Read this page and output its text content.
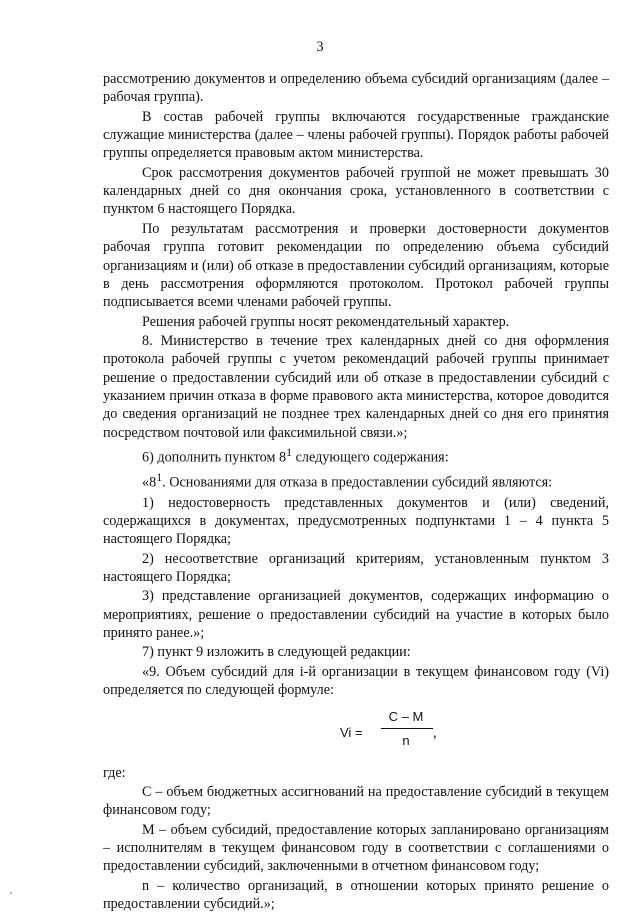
3

рассмотрению документов и определению объема субсидий организациям (далее – рабочая группа).

В состав рабочей группы включаются государственные гражданские служащие министерства (далее – члены рабочей группы). Порядок работы рабочей группы определяется правовым актом министерства.

Срок рассмотрения документов рабочей группой не может превышать 30 календарных дней со дня окончания срока, установленного в соответствии с пунктом 6 настоящего Порядка.

По результатам рассмотрения и проверки достоверности документов рабочая группа готовит рекомендации по определению объема субсидий организациям и (или) об отказе в предоставлении субсидий организациям, которые в день рассмотрения оформляются протоколом. Протокол рабочей группы подписывается всеми членами рабочей группы.

Решения рабочей группы носят рекомендательный характер.

8. Министерство в течение трех календарных дней со дня оформления протокола рабочей группы с учетом рекомендаций рабочей группы принимает решение о предоставлении субсидий или об отказе в предоставлении субсидий с указанием причин отказа в форме правового акта министерства, которое доводится до сведения организаций не позднее трех календарных дней со дня его принятия посредством почтовой или факсимильной связи.»;

6) дополнить пунктом $8^1$ следующего содержания:

«$8^1$. Основаниями для отказа в предоставлении субсидий являются:

1) недостоверность представленных документов и (или) сведений, содержащихся в документах, предусмотренных подпунктами 1 – 4 пункта 5 настоящего Порядка;

2) несоответствие организаций критериям, установленным пунктом 3 настоящего Порядка;

3) представление организацией документов, содержащих информацию о мероприятиях, решение о предоставлении субсидий на участие в которых было принято ранее.»;

7) пункт 9 изложить в следующей редакции:

«9. Объем субсидий для i-й организации в текущем финансовом году (Vi) определяется по следующей формуле:

Vi =
C – M
n	,

где:

C – объем бюджетных ассигнований на предоставление субсидий в текущем финансовом году;

M – объем субсидий, предоставление которых запланировано организациям – исполнителям в текущем финансовом году в соответствии с соглашениями о предоставлении субсидий, заключенными в отчетном финансовом году;

n – количество организаций, в отношении которых принято решение о предоставлении субсидий.»;
